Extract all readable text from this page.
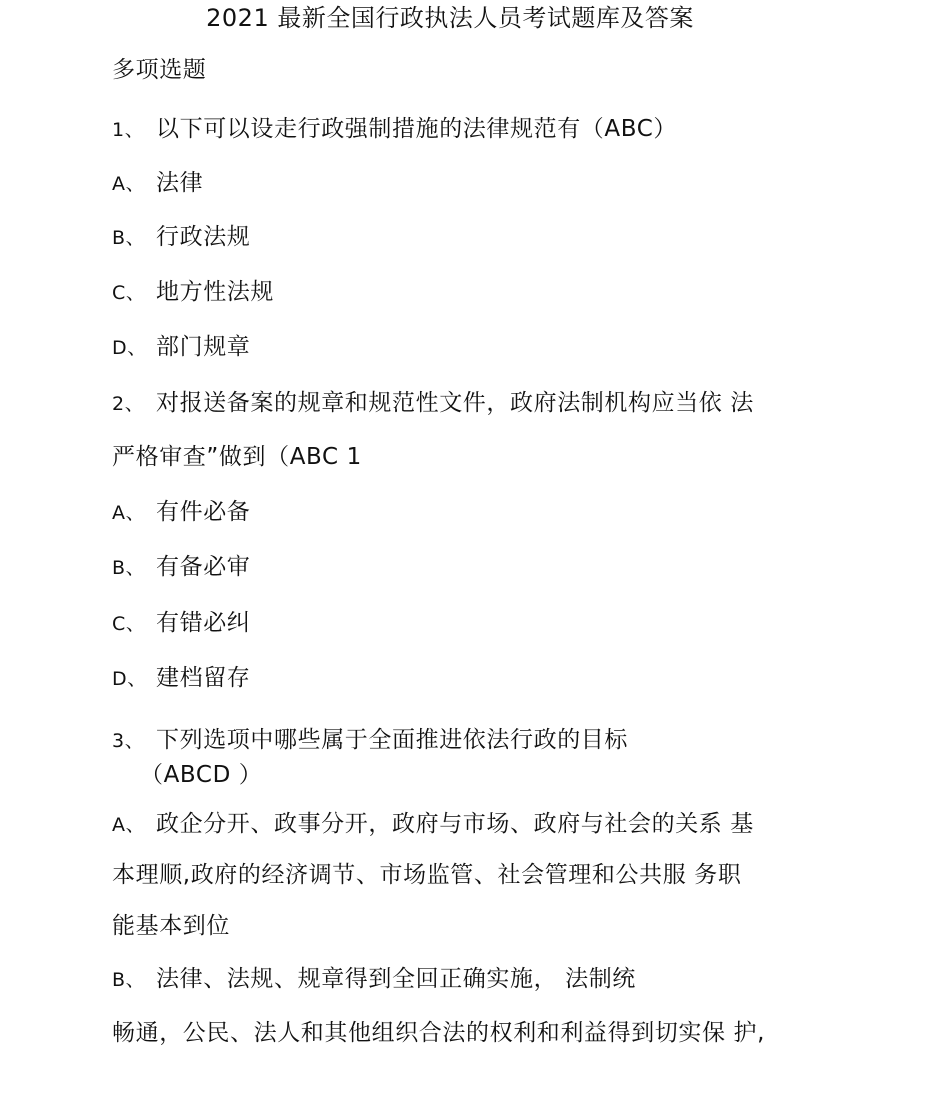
2021 最新全国行政执法人员考试题库及答案
多项选题
1、 以下可以设走行政强制措施的法律规范有（ABC）
A、 法律
B、 行政法规
C、 地方性法规
D、 部门规章
2、 对报送备案的规章和规范性文件，政府法制机构应当依 法
严格审查”做到（ABC 1
A、 有件必备
B、 有备必审
C、 有错必纠
D、 建档留存
3、 下列选项中哪些属于全面推进依法行政的目标
（ABCD ）
A、 政企分开、政事分开，政府与市场、政府与社会的关系 基
本理顺,政府的经济调节、市场监管、社会管理和公共服 务职
能基本到位
B、 法律、法规、规章得到全回正确实施， 法制统
畅通，公民、法人和其他组织合法的权利和利益得到切实保 护,
